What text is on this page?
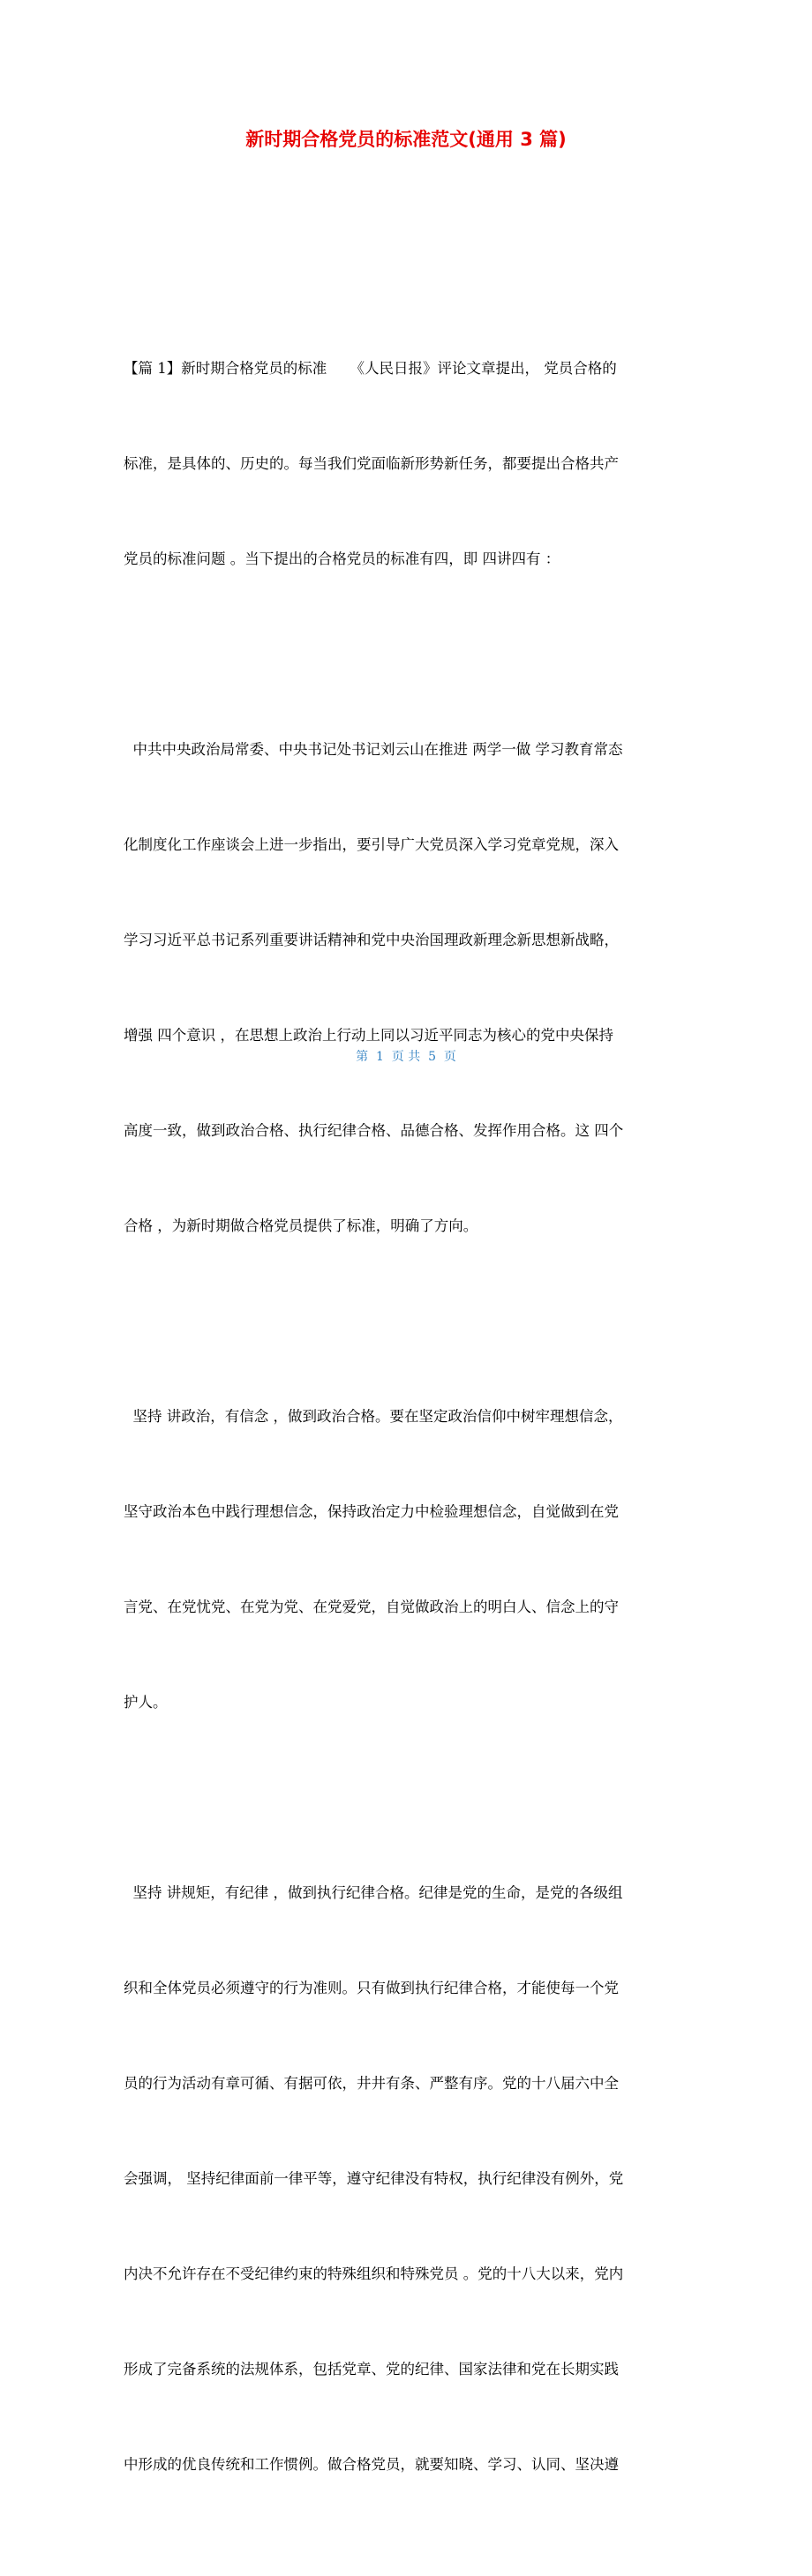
新时期合格党员的标准范文(通用 3 篇)

【篇 1】新时期合格党员的标准     《人民日报》评论文章提出， 党员合格的

标准，是具体的、历史的。每当我们党面临新形势新任务，都要提出合格共产

党员的标准问题 。当下提出的合格党员的标准有四，即 四讲四有 ：

中共中央政治局常委、中央书记处书记刘云山在推进 两学一做 学习教育常态

化制度化工作座谈会上进一步指出，要引导广大党员深入学习党章党规，深入

学习习近平总书记系列重要讲话精神和党中央治国理政新理念新思想新战略，

增强 四个意识 ，在思想上政治上行动上同以习近平同志为核心的党中央保持

高度一致，做到政治合格、执行纪律合格、品德合格、发挥作用合格。这 四个

合格 ，为新时期做合格党员提供了标准，明确了方向。

坚持 讲政治，有信念 ，做到政治合格。要在坚定政治信仰中树牢理想信念，

坚守政治本色中践行理想信念，保持政治定力中检验理想信念，自觉做到在党

言党、在党忧党、在党为党、在党爱党，自觉做政治上的明白人、信念上的守

护人。

坚持 讲规矩，有纪律 ，做到执行纪律合格。纪律是党的生命，是党的各级组

织和全体党员必须遵守的行为准则。只有做到执行纪律合格，才能使每一个党

员的行为活动有章可循、有据可依，井井有条、严整有序。党的十八届六中全

会强调， 坚持纪律面前一律平等，遵守纪律没有特权，执行纪律没有例外，党

内决不允许存在不受纪律约束的特殊组织和特殊党员 。党的十八大以来，党内

形成了完备系统的法规体系，包括党章、党的纪律、国家法律和党在长期实践

中形成的优良传统和工作惯例。做合格党员，就要知晓、学习、认同、坚决遵

第  1  页 共  5  页
